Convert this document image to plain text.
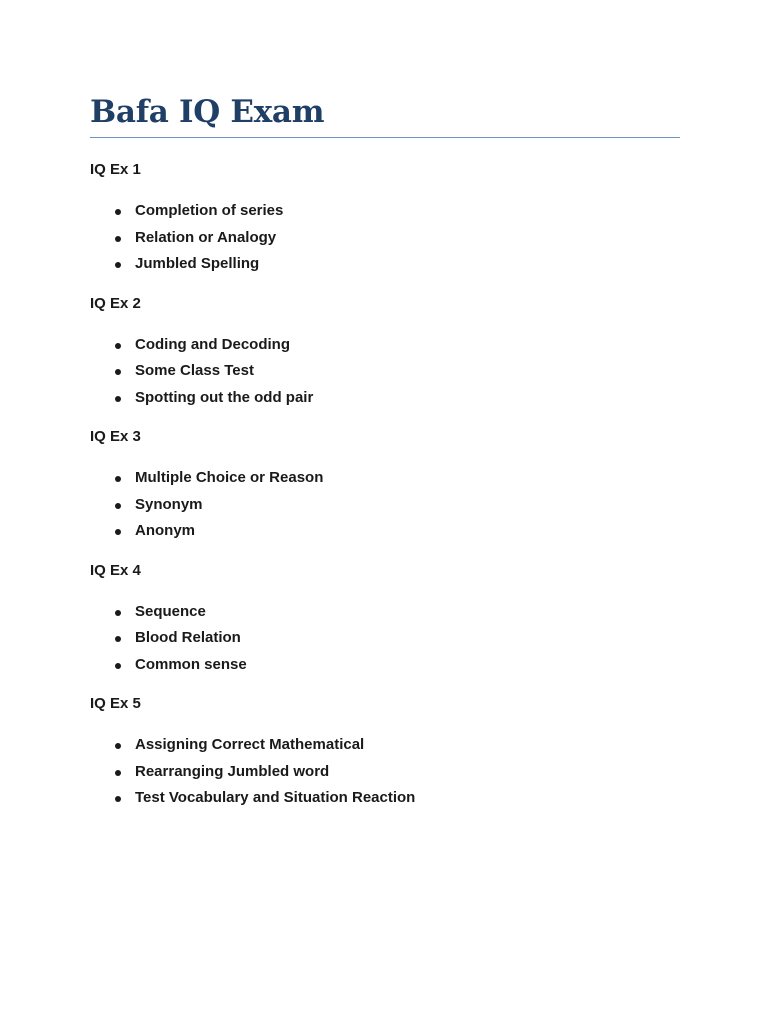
Bafa IQ Exam

IQ Ex 1

Completion of series
Relation or Analogy
Jumbled Spelling

IQ Ex 2

Coding and Decoding
Some Class Test
Spotting out the odd pair

IQ Ex 3

Multiple Choice or Reason
Synonym
Anonym

IQ Ex 4

Sequence
Blood Relation
Common sense

IQ Ex 5

Assigning Correct Mathematical
Rearranging Jumbled word
Test Vocabulary and Situation Reaction
